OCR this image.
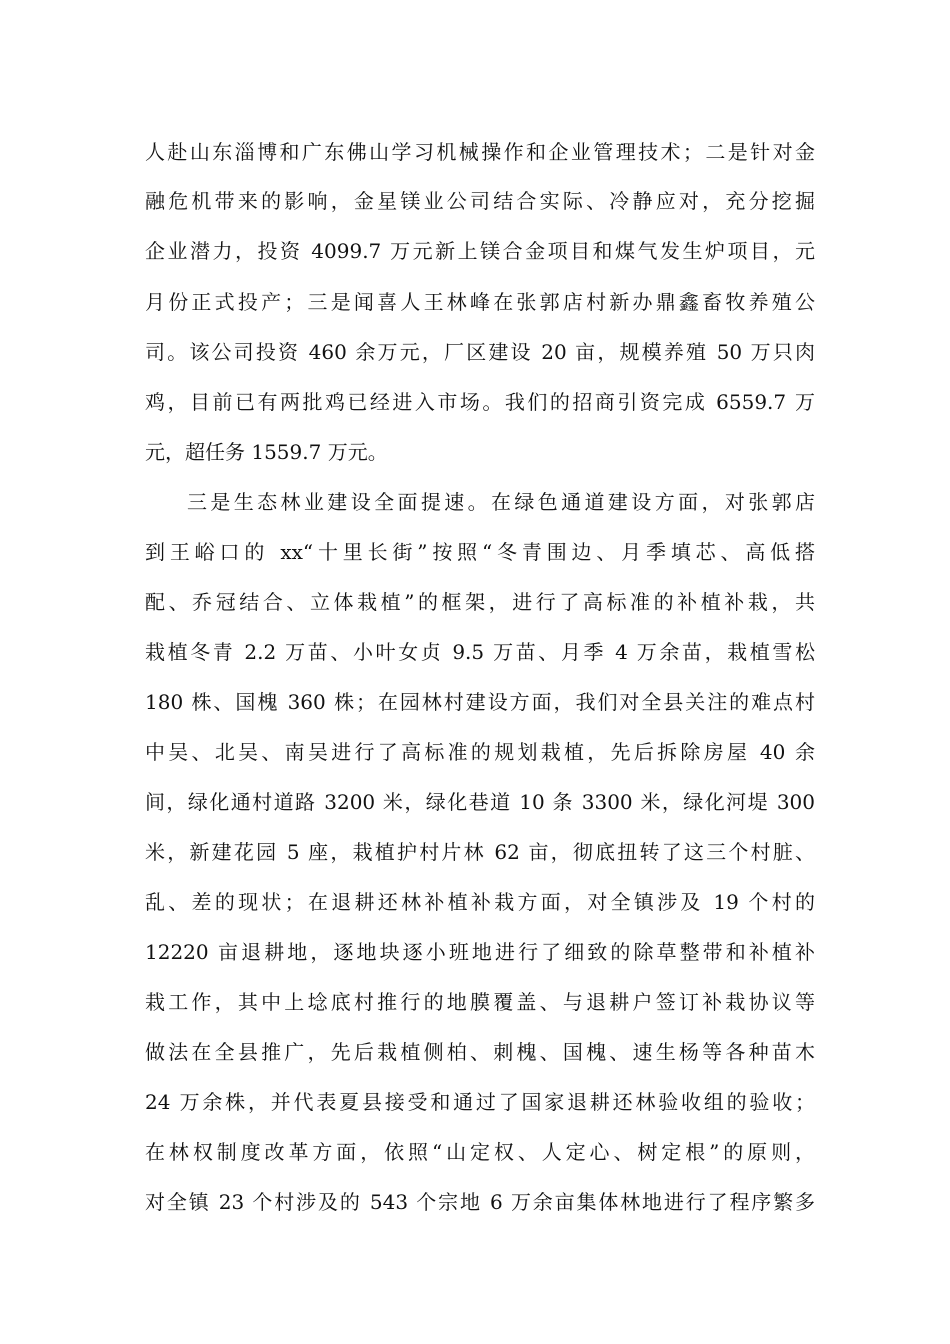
人赴山东淄博和广东佛山学习机械操作和企业管理技术；二是针对金
融危机带来的影响，金星镁业公司结合实际、冷静应对，充分挖掘
企业潜力，投资 4099.7 万元新上镁合金项目和煤气发生炉项目，元
月份正式投产；三是闻喜人王林峰在张郭店村新办鼎鑫畜牧养殖公
司。该公司投资 460 余万元，厂区建设 20 亩，规模养殖 50 万只肉
鸡，目前已有两批鸡已经进入市场。我们的招商引资完成 6559.7 万
元，超任务 1559.7 万元。
三是生态林业建设全面提速。在绿色通道建设方面，对张郭店
到王峪口的 xx“十里长街”按照“冬青围边、月季填芯、高低搭
配、乔冠结合、立体栽植”的框架，进行了高标准的补植补栽，共
栽植冬青 2.2 万苗、小叶女贞 9.5 万苗、月季 4 万余苗，栽植雪松
180 株、国槐 360 株；在园林村建设方面，我们对全县关注的难点村
中吴、北吴、南吴进行了高标准的规划栽植，先后拆除房屋 40 余
间，绿化通村道路 3200 米，绿化巷道 10 条 3300 米，绿化河堤 300
米，新建花园 5 座，栽植护村片林 62 亩，彻底扭转了这三个村脏、
乱、差的现状；在退耕还林补植补栽方面，对全镇涉及 19 个村的
12220 亩退耕地，逐地块逐小班地进行了细致的除草整带和补植补
栽工作，其中上埝底村推行的地膜覆盖、与退耕户签订补栽协议等
做法在全县推广，先后栽植侧柏、刺槐、国槐、速生杨等各种苗木
24 万余株，并代表夏县接受和通过了国家退耕还林验收组的验收；
在林权制度改革方面，依照“山定权、人定心、树定根”的原则，
对全镇 23 个村涉及的 543 个宗地 6 万余亩集体林地进行了程序繁多
